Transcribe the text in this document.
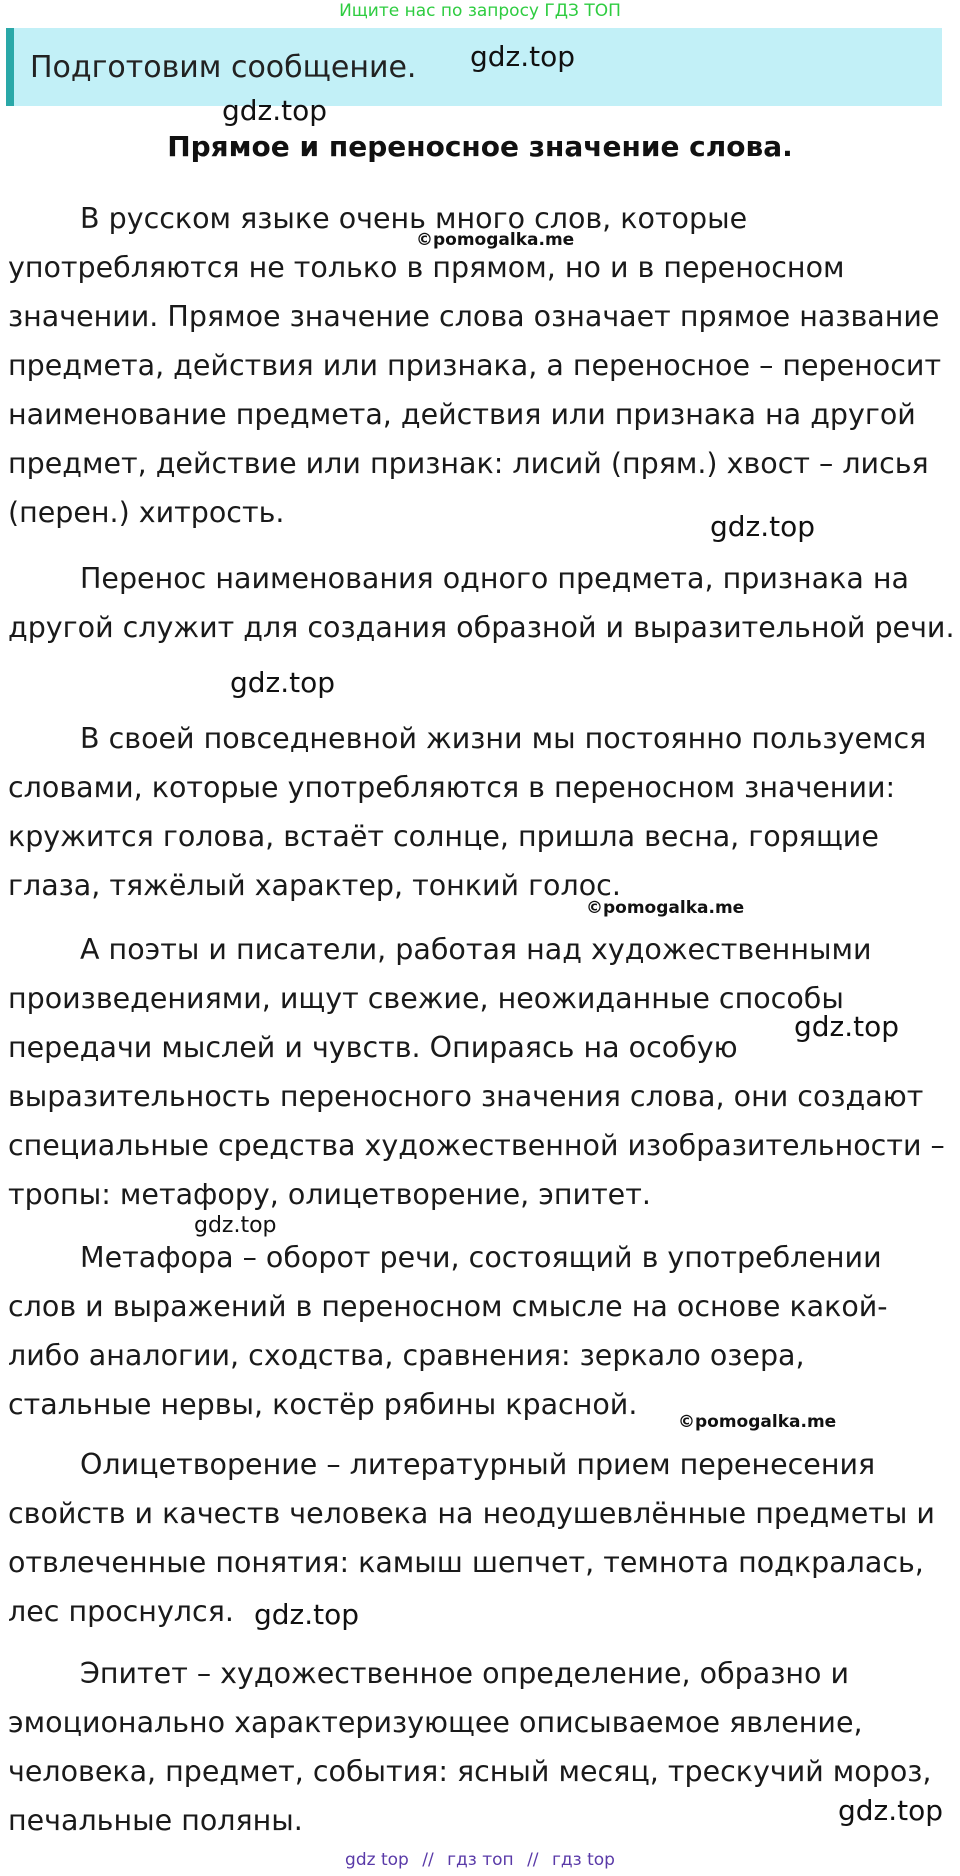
Ищите нас по запросу ГДЗ ТОП
Подготовим сообщение.
Прямое и переносное значение слова.

В русском языке очень много слов, которые употребляются не только в прямом, но и в переносном значении. Прямое значение слова означает прямое название предмета, действия или признака, а переносное – переносит наименование предмета, действия или признака на другой предмет, действие или признак: лисий (прям.) хвост – лисья (перен.) хитрость.

Перенос наименования одного предмета, признака на другой служит для создания образной и выразительной речи.

В своей повседневной жизни мы постоянно пользуемся словами, которые употребляются в переносном значении: кружится голова, встаёт солнце, пришла весна, горящие глаза, тяжёлый характер, тонкий голос.

А поэты и писатели, работая над художественными произведениями, ищут свежие, неожиданные способы передачи мыслей и чувств. Опираясь на особую выразительность переносного значения слова, они создают специальные средства художественной изобразительности – тропы: метафору, олицетворение, эпитет.

Метафора – оборот речи, состоящий в употреблении слов и выражений в переносном смысле на основе какой-либо аналогии, сходства, сравнения: зеркало озера, стальные нервы, костёр рябины красной.

Олицетворение – литературный прием перенесения свойств и качеств человека на неодушевлённые предметы и отвлеченные понятия: камыш шепчет, темнота подкралась, лес проснулся.

Эпитет – художественное определение, образно и эмоционально характеризующее описываемое явление, человека, предмет, события: ясный месяц, трескучий мороз, печальные поляны.

gdz.top
gdz.top
©pomogalka.me
gdz.top
gdz.top
©pomogalka.me
gdz.top
gdz.top
©pomogalka.me
gdz.top
gdz.top
gdz top // гдз топ // гдз top
